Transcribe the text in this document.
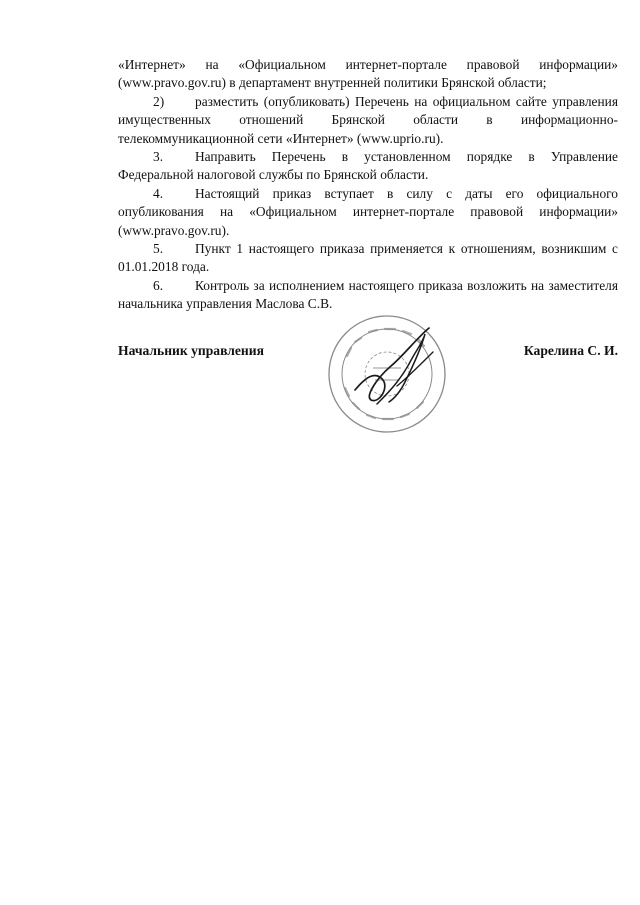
«Интернет» на «Официальном интернет-портале правовой информации» (www.pravo.gov.ru) в департамент внутренней политики Брянской области;

2) разместить (опубликовать) Перечень на официальном сайте управления имущественных отношений Брянской области в информационно-телекоммуникационной сети «Интернет» (www.uprio.ru).

3. Направить Перечень в установленном порядке в Управление Федеральной налоговой службы по Брянской области.

4. Настоящий приказ вступает в силу с даты его официального опубликования на «Официальном интернет-портале правовой информации» (www.pravo.gov.ru).

5. Пункт 1 настоящего приказа применяется к отношениям, возникшим с 01.01.2018 года.

6. Контроль за исполнением настоящего приказа возложить на заместителя начальника управления Маслова С.В.

Начальник управления	Карелина С. И.
